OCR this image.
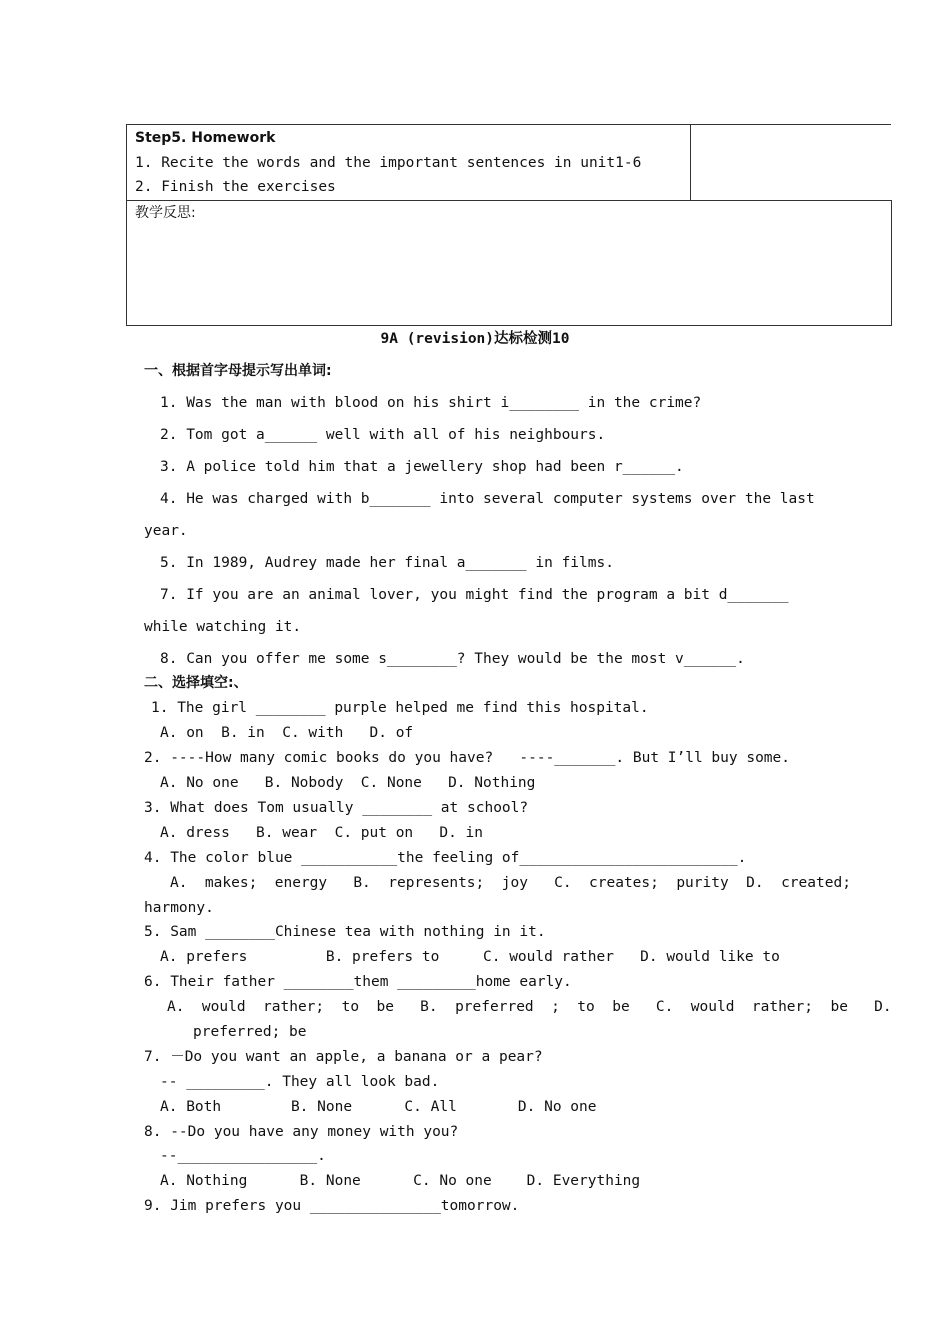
Step5. Homework
1. Recite the words and the important sentences in unit1-6
2. Finish the exercises
教学反思:
9A (revision)达标检测10
一、根据首字母提示写出单词:
1. Was the man with blood on his shirt i________ in the crime?
2. Tom got a______ well with all of his neighbours.
3. A police told him that a jewellery shop had been r______.
4. He was charged with b_______ into several computer systems over the last
year.
5. In 1989, Audrey made her final a_______ in films.
7. If you are an animal lover, you might find the program a bit d_______
while watching it.
8. Can you offer me some s________? They would be the most v______.
二、选择填空:、
1. The girl ________ purple helped me find this hospital.
A. on  B. in  C. with   D. of
2. ----How many comic books do you have?   ----_______. But I’ll buy some.
A. No one   B. Nobody  C. None   D. Nothing
3. What does Tom usually ________ at school?
A. dress   B. wear  C. put on   D. in
4. The color blue ___________the feeling of_________________________.
A.  makes;  energy   B.  represents;  joy   C.  creates;  purity  D.  created;
harmony.
5. Sam ________Chinese tea with nothing in it.
A. prefers         B. prefers to     C. would rather   D. would like to
6. Their father ________them _________home early.
A.  would  rather;  to  be   B.  preferred  ;  to  be   C.  would  rather;  be   D.
preferred; be
7. －Do you want an apple, a banana or a pear?
-- _________. They all look bad.
A. Both        B. None      C. All       D. No one
8. --Do you have any money with you?
--________________.
A. Nothing      B. None      C. No one    D. Everything
9. Jim prefers you _______________tomorrow.
